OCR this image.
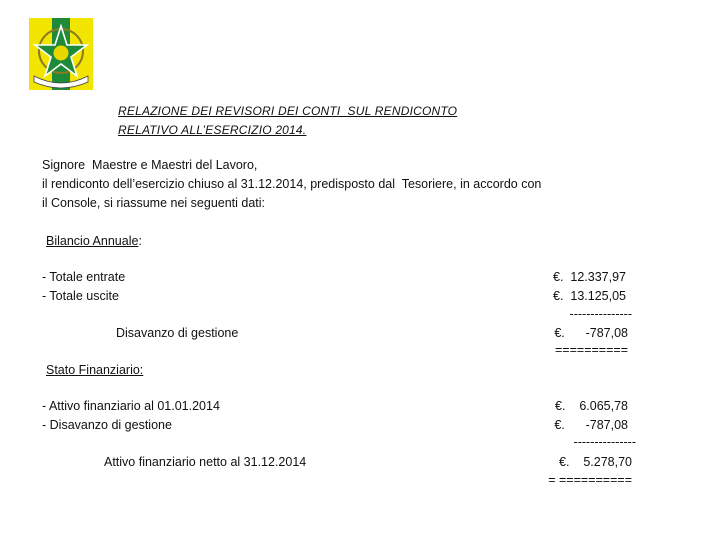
RELAZIONE DEI REVISORI DEI CONTI  SUL RENDICONTO
RELATIVO ALL’ESERCIZIO 2014.
Signore  Maestre e Maestri del Lavoro,
il rendiconto dell’esercizio chiuso al 31.12.2014, predisposto dal  Tesoriere, in accordo con
il Console, si riassume nei seguenti dati:
Bilancio Annuale:
- Totale entrate	€.  12.337,97
- Totale uscite	€.  13.125,05
---------------
Disavanzo di gestione	€.      -787,08
==========
Stato Finanziario:
- Attivo finanziario al 01.01.2014	€.    6.065,78
- Disavanzo di gestione	€.      -787,08
---------------
Attivo finanziario netto al 31.12.2014	€.    5.278,70
= ==========
